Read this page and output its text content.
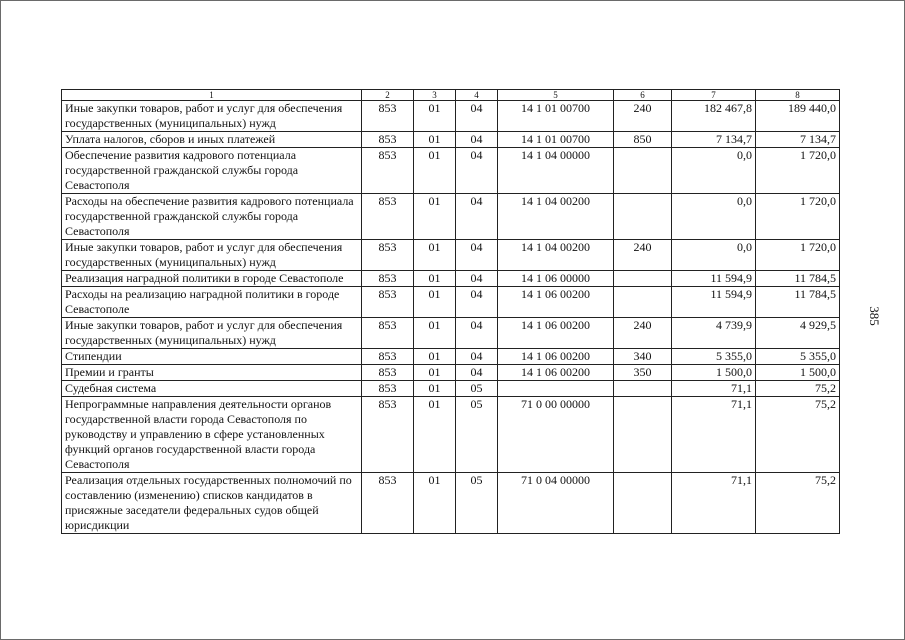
1	2	3	4	5	6	7	8
Иные закупки товаров, работ и услуг для обеспечения государственных (муниципальных) нужд	853	01	04	14 1 01 00700	240	182 467,8	189 440,0
Уплата налогов, сборов и иных платежей	853	01	04	14 1 01 00700	850	7 134,7	7 134,7
Обеспечение развития кадрового потенциала государственной гражданской службы города Севастополя	853	01	04	14 1 04 00000		0,0	1 720,0
Расходы на обеспечение развития кадрового потенциала государственной гражданской службы города Севастополя	853	01	04	14 1 04 00200		0,0	1 720,0
Иные закупки товаров, работ и услуг для обеспечения государственных (муниципальных) нужд	853	01	04	14 1 04 00200	240	0,0	1 720,0
Реализация наградной политики в городе Севастополе	853	01	04	14 1 06 00000		11 594,9	11 784,5
Расходы на реализацию наградной политики в городе Севастополе	853	01	04	14 1 06 00200		11 594,9	11 784,5
Иные закупки товаров, работ и услуг для обеспечения государственных (муниципальных) нужд	853	01	04	14 1 06 00200	240	4 739,9	4 929,5
Стипендии	853	01	04	14 1 06 00200	340	5 355,0	5 355,0
Премии и гранты	853	01	04	14 1 06 00200	350	1 500,0	1 500,0
Судебная система	853	01	05			71,1	75,2
Непрограммные направления деятельности органов государственной власти города Севастополя по руководству и управлению в сфере установленных функций органов государственной власти города Севастополя	853	01	05	71 0 00 00000		71,1	75,2
Реализация отдельных государственных полномочий по составлению (изменению) списков кандидатов в присяжные заседатели федеральных судов общей юрисдикции	853	01	05	71 0 04 00000		71,1	75,2
385
